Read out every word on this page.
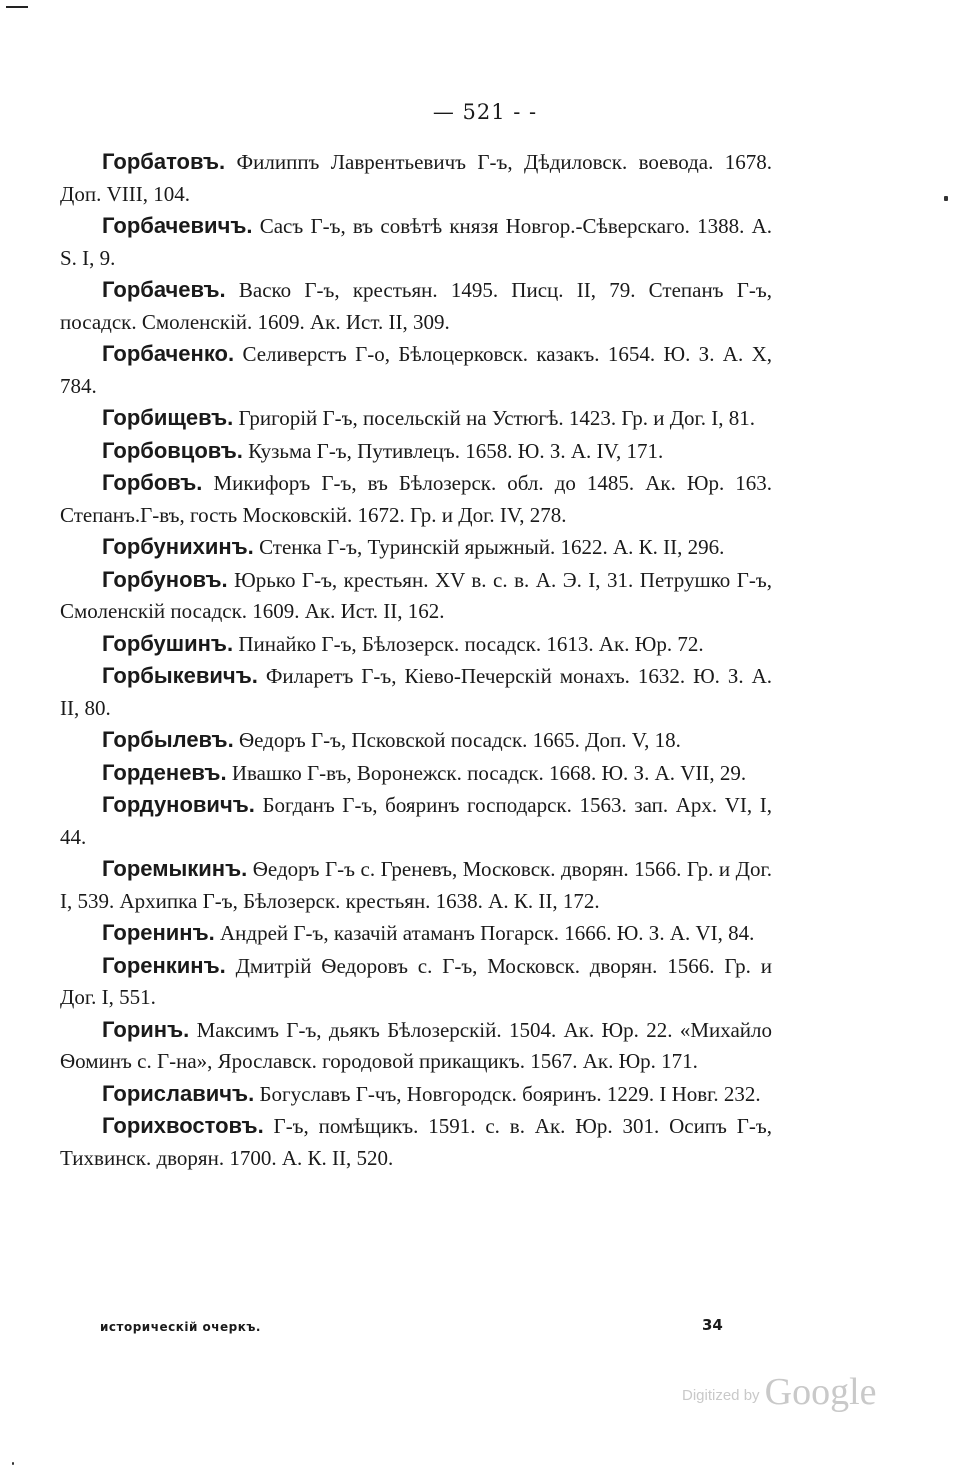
— 521 - -

Горбатовъ. Филиппъ Лаврентьевичъ Г-ъ, Дѣдиловск. воевода. 1678. Доп. VIII, 104.

Горбачевичъ. Сасъ Г-ъ, въ совѣтѣ князя Новгор.-Сѣверскаго. 1388. A. S. I, 9.

Горбачевъ. Васко Г-ъ, крестьян. 1495. Писц. II, 79. Степанъ Г-ъ, посадск. Смоленскій. 1609. Ак. Ист. II, 309.

Горбаченко. Селиверстъ Г-о, Бѣлоцерковск. казакъ. 1654. Ю. З. А. X, 784.

Горбищевъ. Григорій Г-ъ, посельскій на Устюгѣ. 1423. Гр. и Дог. I, 81.

Горбовцовъ. Кузьма Г-ъ, Путивлецъ. 1658. Ю. З. А. IV, 171.

Горбовъ. Микифоръ Г-ъ, въ Бѣлозерск. обл. до 1485. Ак. Юр. 163. Степанъ.Г-въ, гость Московскій. 1672. Гр. и Дог. IV, 278.

Горбунихинъ. Стенка Г-ъ, Туринскій ярыжный. 1622. А. К. II, 296.

Горбуновъ. Юрько Г-ъ, крестьян. XV в. с. в. А. Э. I, 31. Петрушко Г-ъ, Смоленскій посадск. 1609. Ак. Ист. II, 162.

Горбушинъ. Пинайко Г-ъ, Бѣлозерск. посадск. 1613. Ак. Юр. 72.

Горбыкевичъ. Филаретъ Г-ъ, Кіево-Печерскій монахъ. 1632. Ю. З. А. II, 80.

Горбылевъ. Ѳедоръ Г-ъ, Псковской посадск. 1665. Доп. V, 18.

Горденевъ. Ивашко Г-въ, Воронежск. посадск. 1668. Ю. З. А. VII, 29.

Гордуновичъ. Богданъ Г-ъ, бояринъ господарск. 1563. зап. Арх. VI, I, 44.

Горемыкинъ. Ѳедоръ Г-ъ с. Греневъ, Московск. дворян. 1566. Гр. и Дог. I, 539. Архипка Г-ъ, Бѣлозерск. крестьян. 1638. А. К. II, 172.

Горенинъ. Андрей Г-ъ, казачій атаманъ Погарск. 1666. Ю. З. А. VI, 84.

Горенкинъ. Дмитрій Ѳедоровъ с. Г-ъ, Московск. дворян. 1566. Гр. и Дог. I, 551.

Горинъ. Максимъ Г-ъ, дьякъ Бѣлозерскій. 1504. Ак. Юр. 22. «Михайло Ѳоминъ с. Г-на», Ярославск. городовой прикащикъ. 1567. Ак. Юр. 171.

Гориславичъ. Богуславъ Г-чъ, Новгородск. бояринъ. 1229. I Новг. 232.

Горихвостовъ. Г-ъ, помѣщикъ. 1591. с. в. Ак. Юр. 301. Осипъ Г-ъ, Тихвинск. дворян. 1700. А. К. II, 520.

историческій очеркъ.	34
Digitized by Google
